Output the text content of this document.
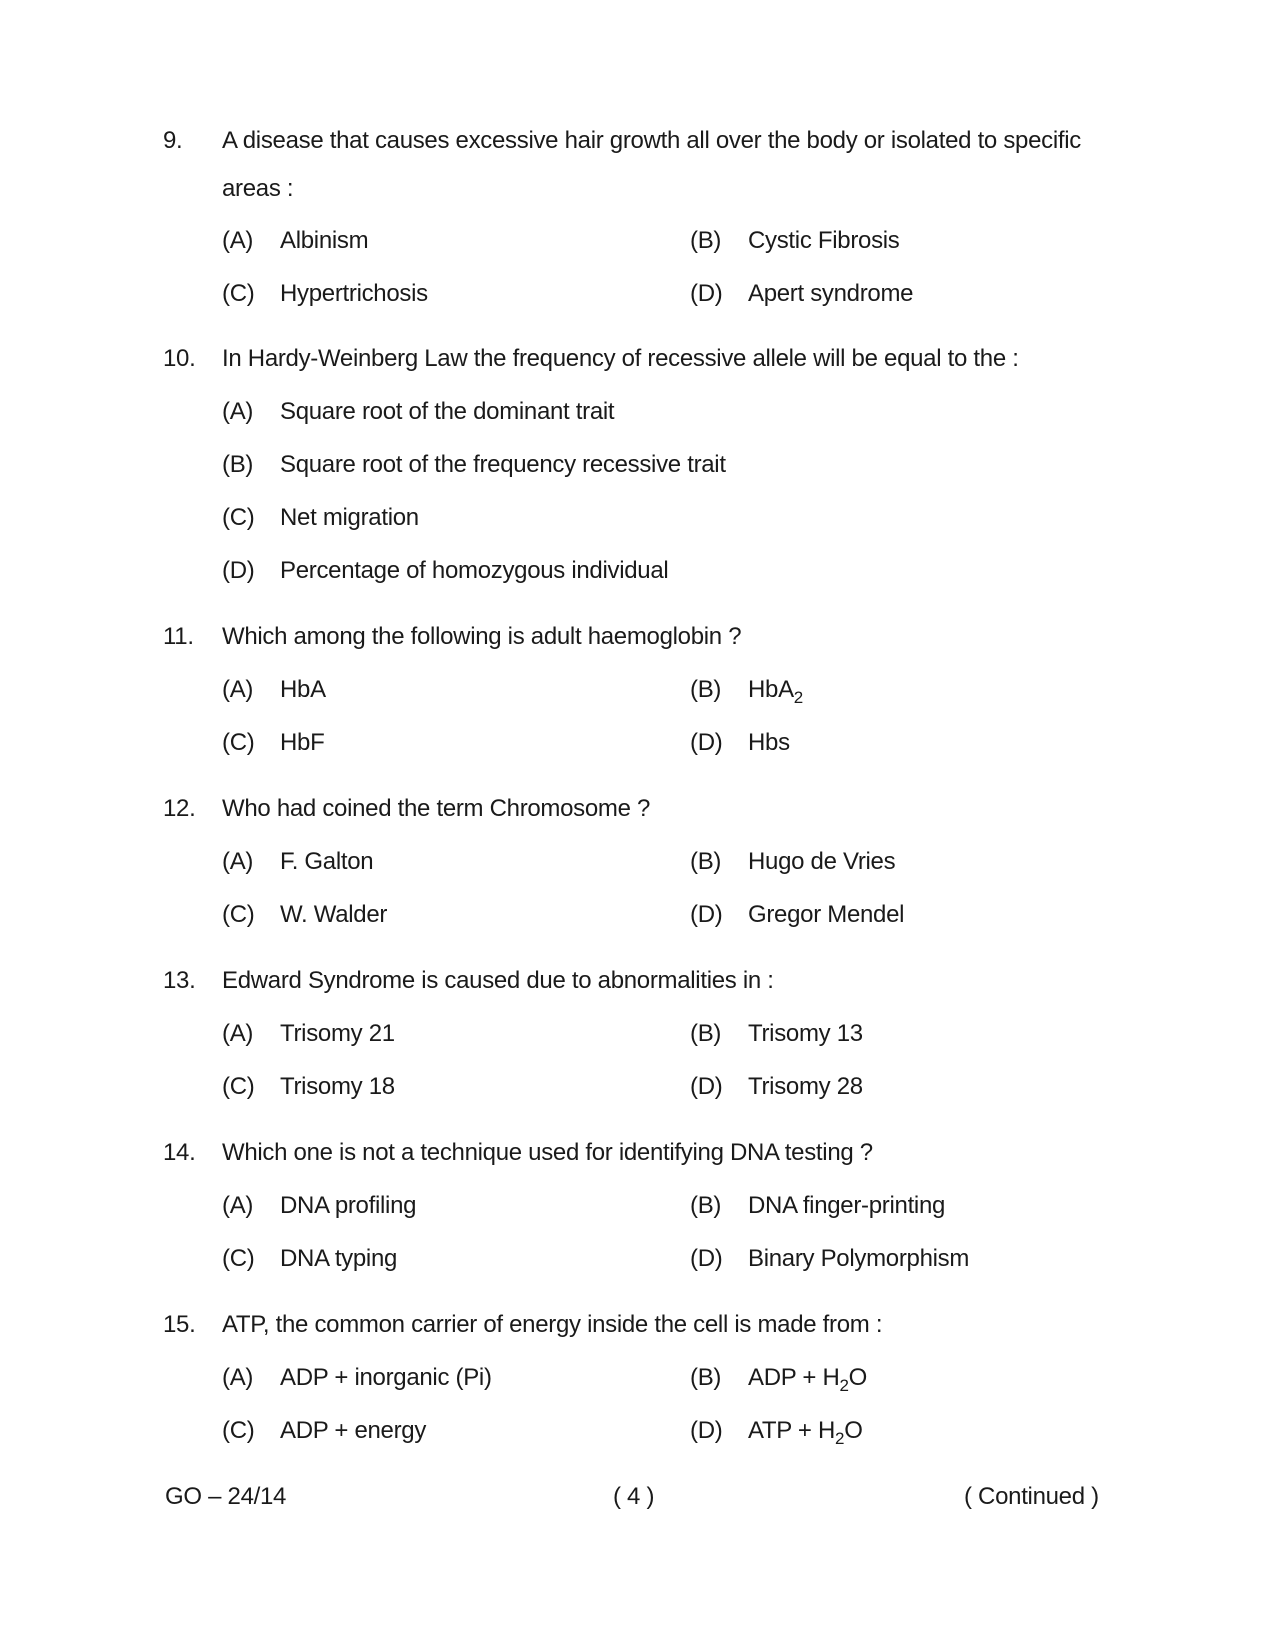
9. A disease that causes excessive hair growth all over the body or isolated to specific
areas :
(A) Albinism	(B) Cystic Fibrosis
(C) Hypertrichosis	(D) Apert syndrome
10. In Hardy-Weinberg Law the frequency of recessive allele will be equal to the :
(A) Square root of the dominant trait
(B) Square root of the frequency recessive trait
(C) Net migration
(D) Percentage of homozygous individual
11. Which among the following is adult haemoglobin ?
(A) HbA	(B) HbA$_2$
(C) HbF	(D) Hbs
12. Who had coined the term Chromosome ?
(A) F. Galton	(B) Hugo de Vries
(C) W. Walder	(D) Gregor Mendel
13. Edward Syndrome is caused due to abnormalities in :
(A) Trisomy 21	(B) Trisomy 13
(C) Trisomy 18	(D) Trisomy 28
14. Which one is not a technique used for identifying DNA testing ?
(A) DNA profiling	(B) DNA finger-printing
(C) DNA typing	(D) Binary Polymorphism
15. ATP, the common carrier of energy inside the cell is made from :
(A) ADP + inorganic (Pi)	(B) ADP + $H_2O$
(C) ADP + energy	(D) ATP + $H_2O$
GO – 24/14	( 4 )	( Continued )
